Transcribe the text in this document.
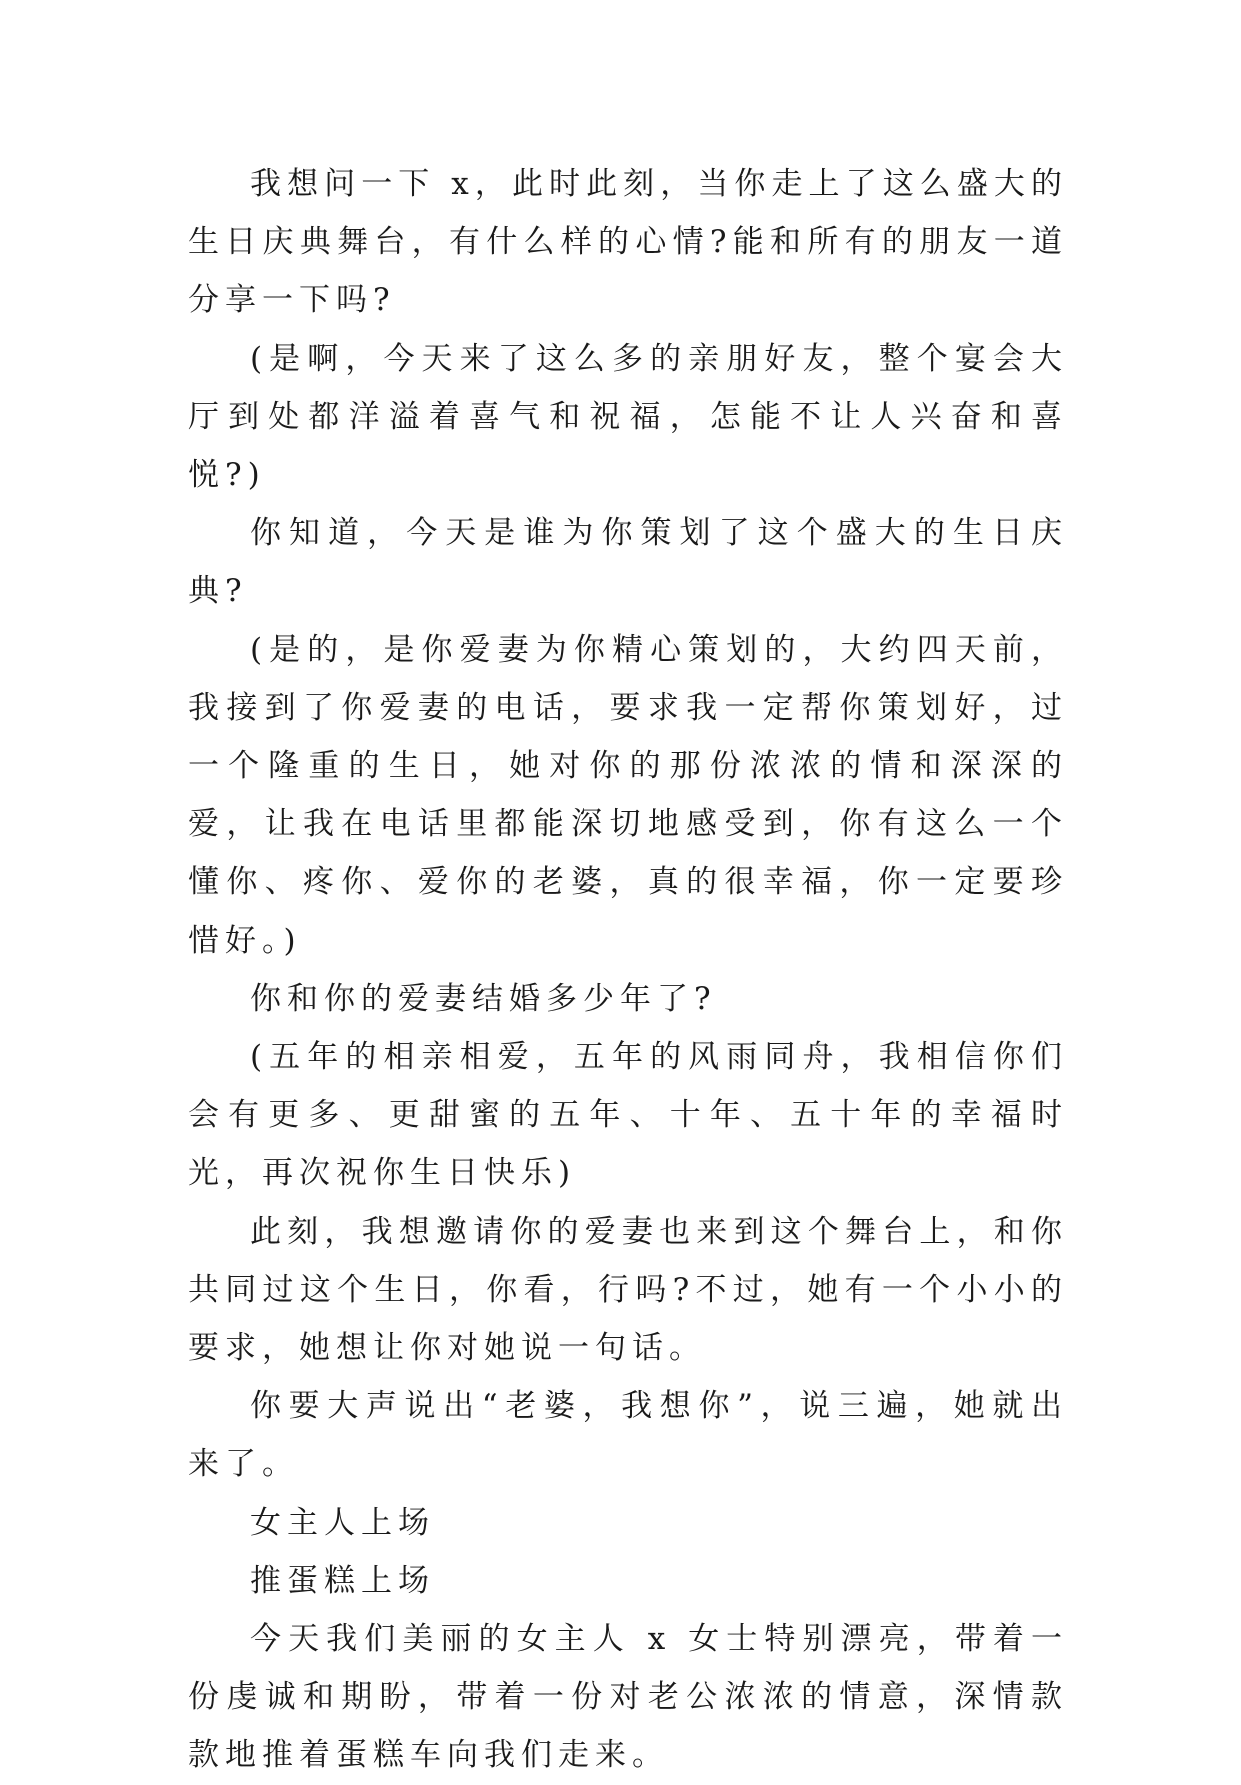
我想问一下 x，此时此刻，当你走上了这么盛大的生日庆典舞台，有什么样的心情?能和所有的朋友一道分享一下吗?

(是啊，今天来了这么多的亲朋好友，整个宴会大厅到处都洋溢着喜气和祝福，怎能不让人兴奋和喜悦?)

你知道，今天是谁为你策划了这个盛大的生日庆典?

(是的，是你爱妻为你精心策划的，大约四天前，我接到了你爱妻的电话，要求我一定帮你策划好，过一个隆重的生日，她对你的那份浓浓的情和深深的爱，让我在电话里都能深切地感受到，你有这么一个懂你、疼你、爱你的老婆，真的很幸福，你一定要珍惜好。)

你和你的爱妻结婚多少年了?

(五年的相亲相爱，五年的风雨同舟，我相信你们会有更多、更甜蜜的五年、十年、五十年的幸福时光，再次祝你生日快乐)

此刻，我想邀请你的爱妻也来到这个舞台上，和你共同过这个生日，你看，行吗?不过，她有一个小小的要求，她想让你对她说一句话。

你要大声说出“老婆，我想你”，说三遍，她就出来了。

女主人上场

推蛋糕上场

今天我们美丽的女主人 x 女士特别漂亮，带着一份虔诚和期盼，带着一份对老公浓浓的情意，深情款款地推着蛋糕车向我们走来。
